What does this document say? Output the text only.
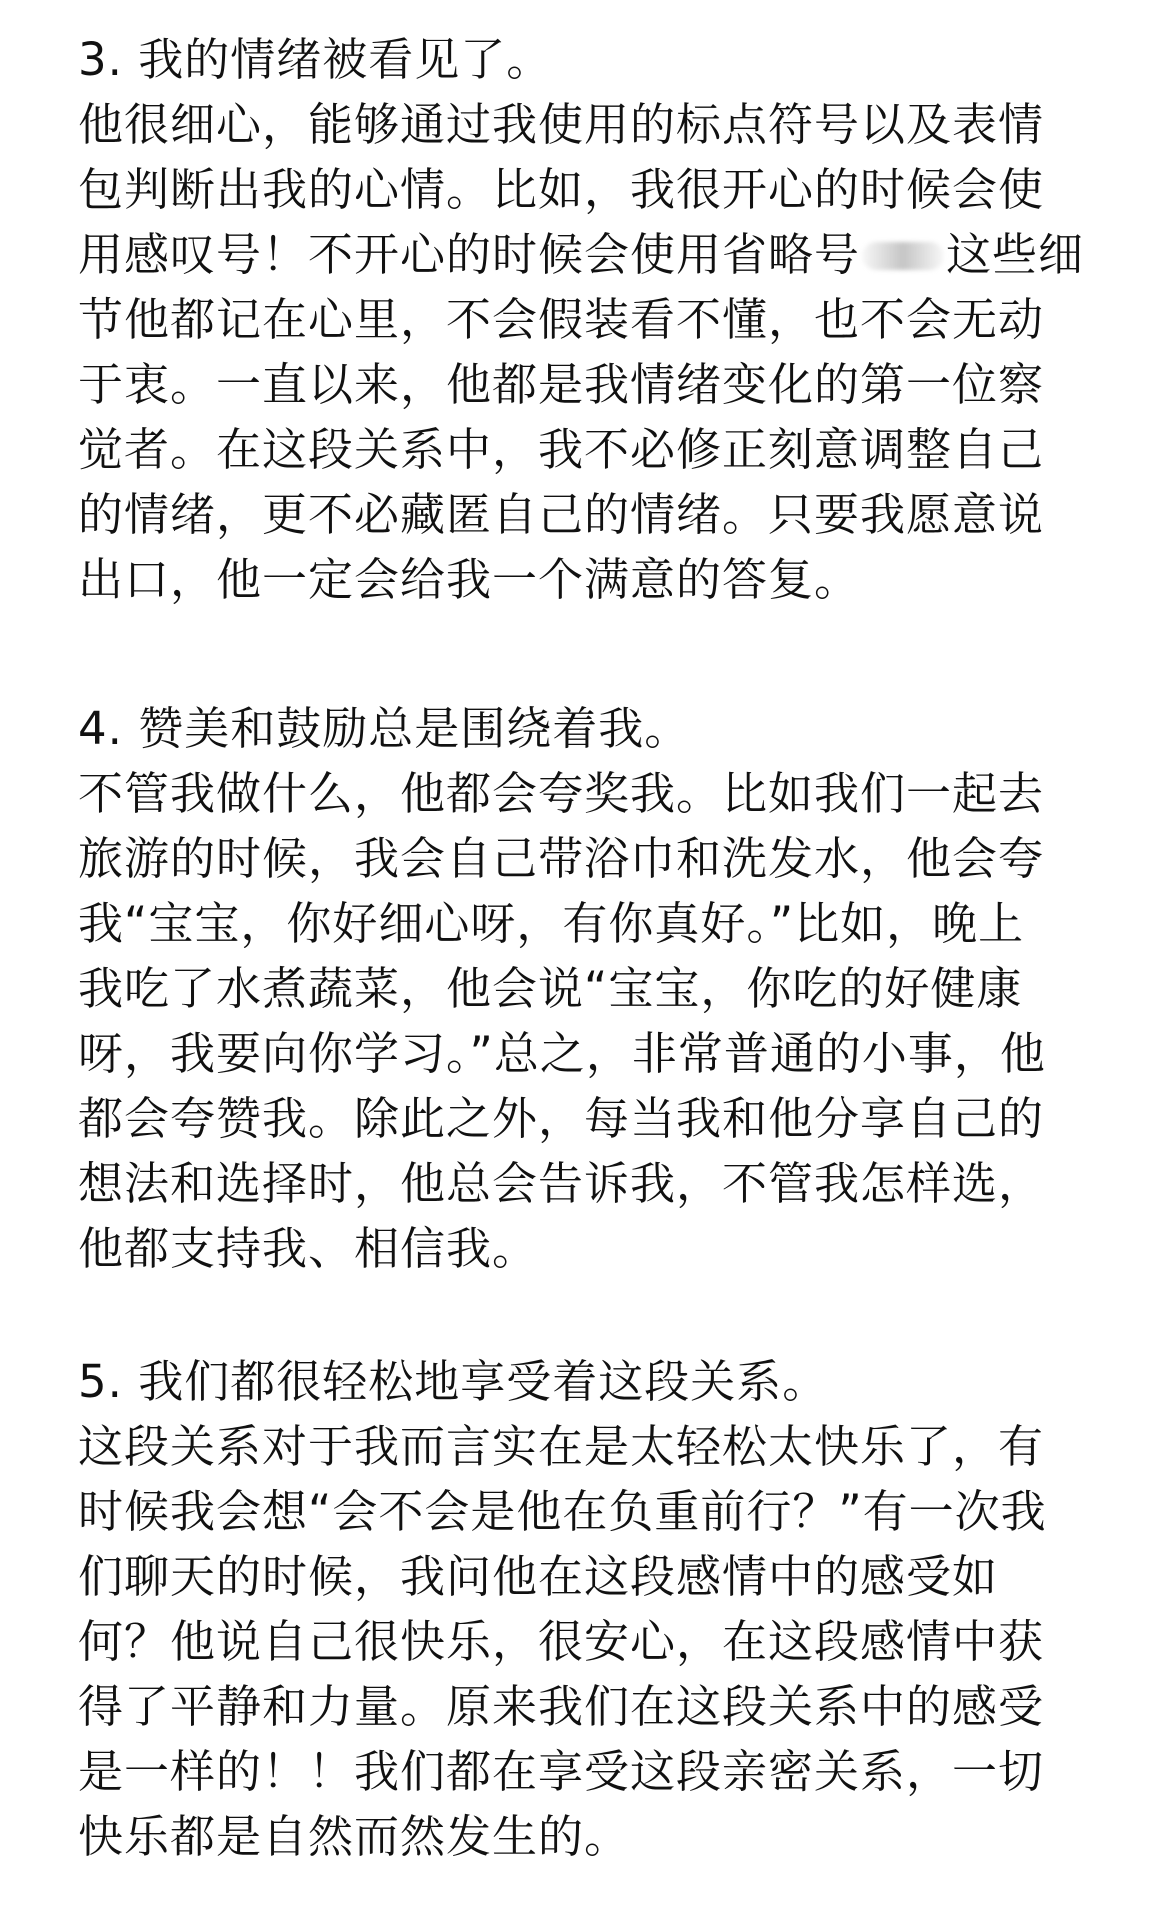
3. 我的情绪被看见了。
他很细心，能够通过我使用的标点符号以及表情
包判断出我的心情。比如，我很开心的时候会使
用感叹号！不开心的时候会使用省略号 这些细
节他都记在心里，不会假装看不懂，也不会无动
于衷。一直以来，他都是我情绪变化的第一位察
觉者。在这段关系中，我不必修正刻意调整自己
的情绪，更不必藏匿自己的情绪。只要我愿意说
出口，他一定会给我一个满意的答复。
4. 赞美和鼓励总是围绕着我。
不管我做什么，他都会夸奖我。比如我们一起去
旅游的时候，我会自己带浴巾和洗发水，他会夸
我“宝宝，你好细心呀，有你真好。”比如，晚上
我吃了水煮蔬菜，他会说“宝宝，你吃的好健康
呀，我要向你学习。”总之，非常普通的小事，他
都会夸赞我。除此之外，每当我和他分享自己的
想法和选择时，他总会告诉我，不管我怎样选，
他都支持我、相信我。
5. 我们都很轻松地享受着这段关系。
这段关系对于我而言实在是太轻松太快乐了，有
时候我会想“会不会是他在负重前行？”有一次我
们聊天的时候，我问他在这段感情中的感受如
何？他说自己很快乐，很安心，在这段感情中获
得了平静和力量。原来我们在这段关系中的感受
是一样的！！我们都在享受这段亲密关系，一切
快乐都是自然而然发生的。
